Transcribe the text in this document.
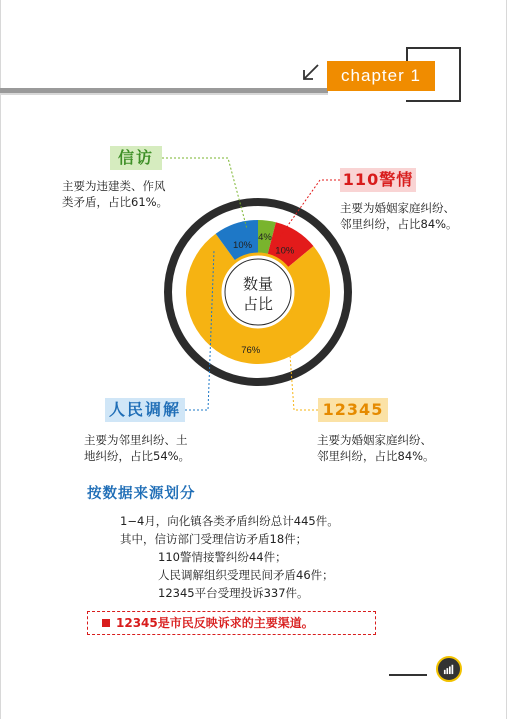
chapter 1
数量
占比
4%
10%
76%
10%
信访
主要为违建类、作风
类矛盾，占比61%。
110警情
主要为婚姻家庭纠纷、
邻里纠纷，占比84%。
人民调解
主要为邻里纠纷、土
地纠纷，占比54%。
12345
主要为婚姻家庭纠纷、
邻里纠纷，占比84%。
按数据来源划分
1−4月，向化镇各类矛盾纠纷总计445件。
其中，信访部门受理信访矛盾18件；
110警情接警纠纷44件；
人民调解组织受理民间矛盾46件；
12345平台受理投诉337件。
12345是市民反映诉求的主要渠道。
